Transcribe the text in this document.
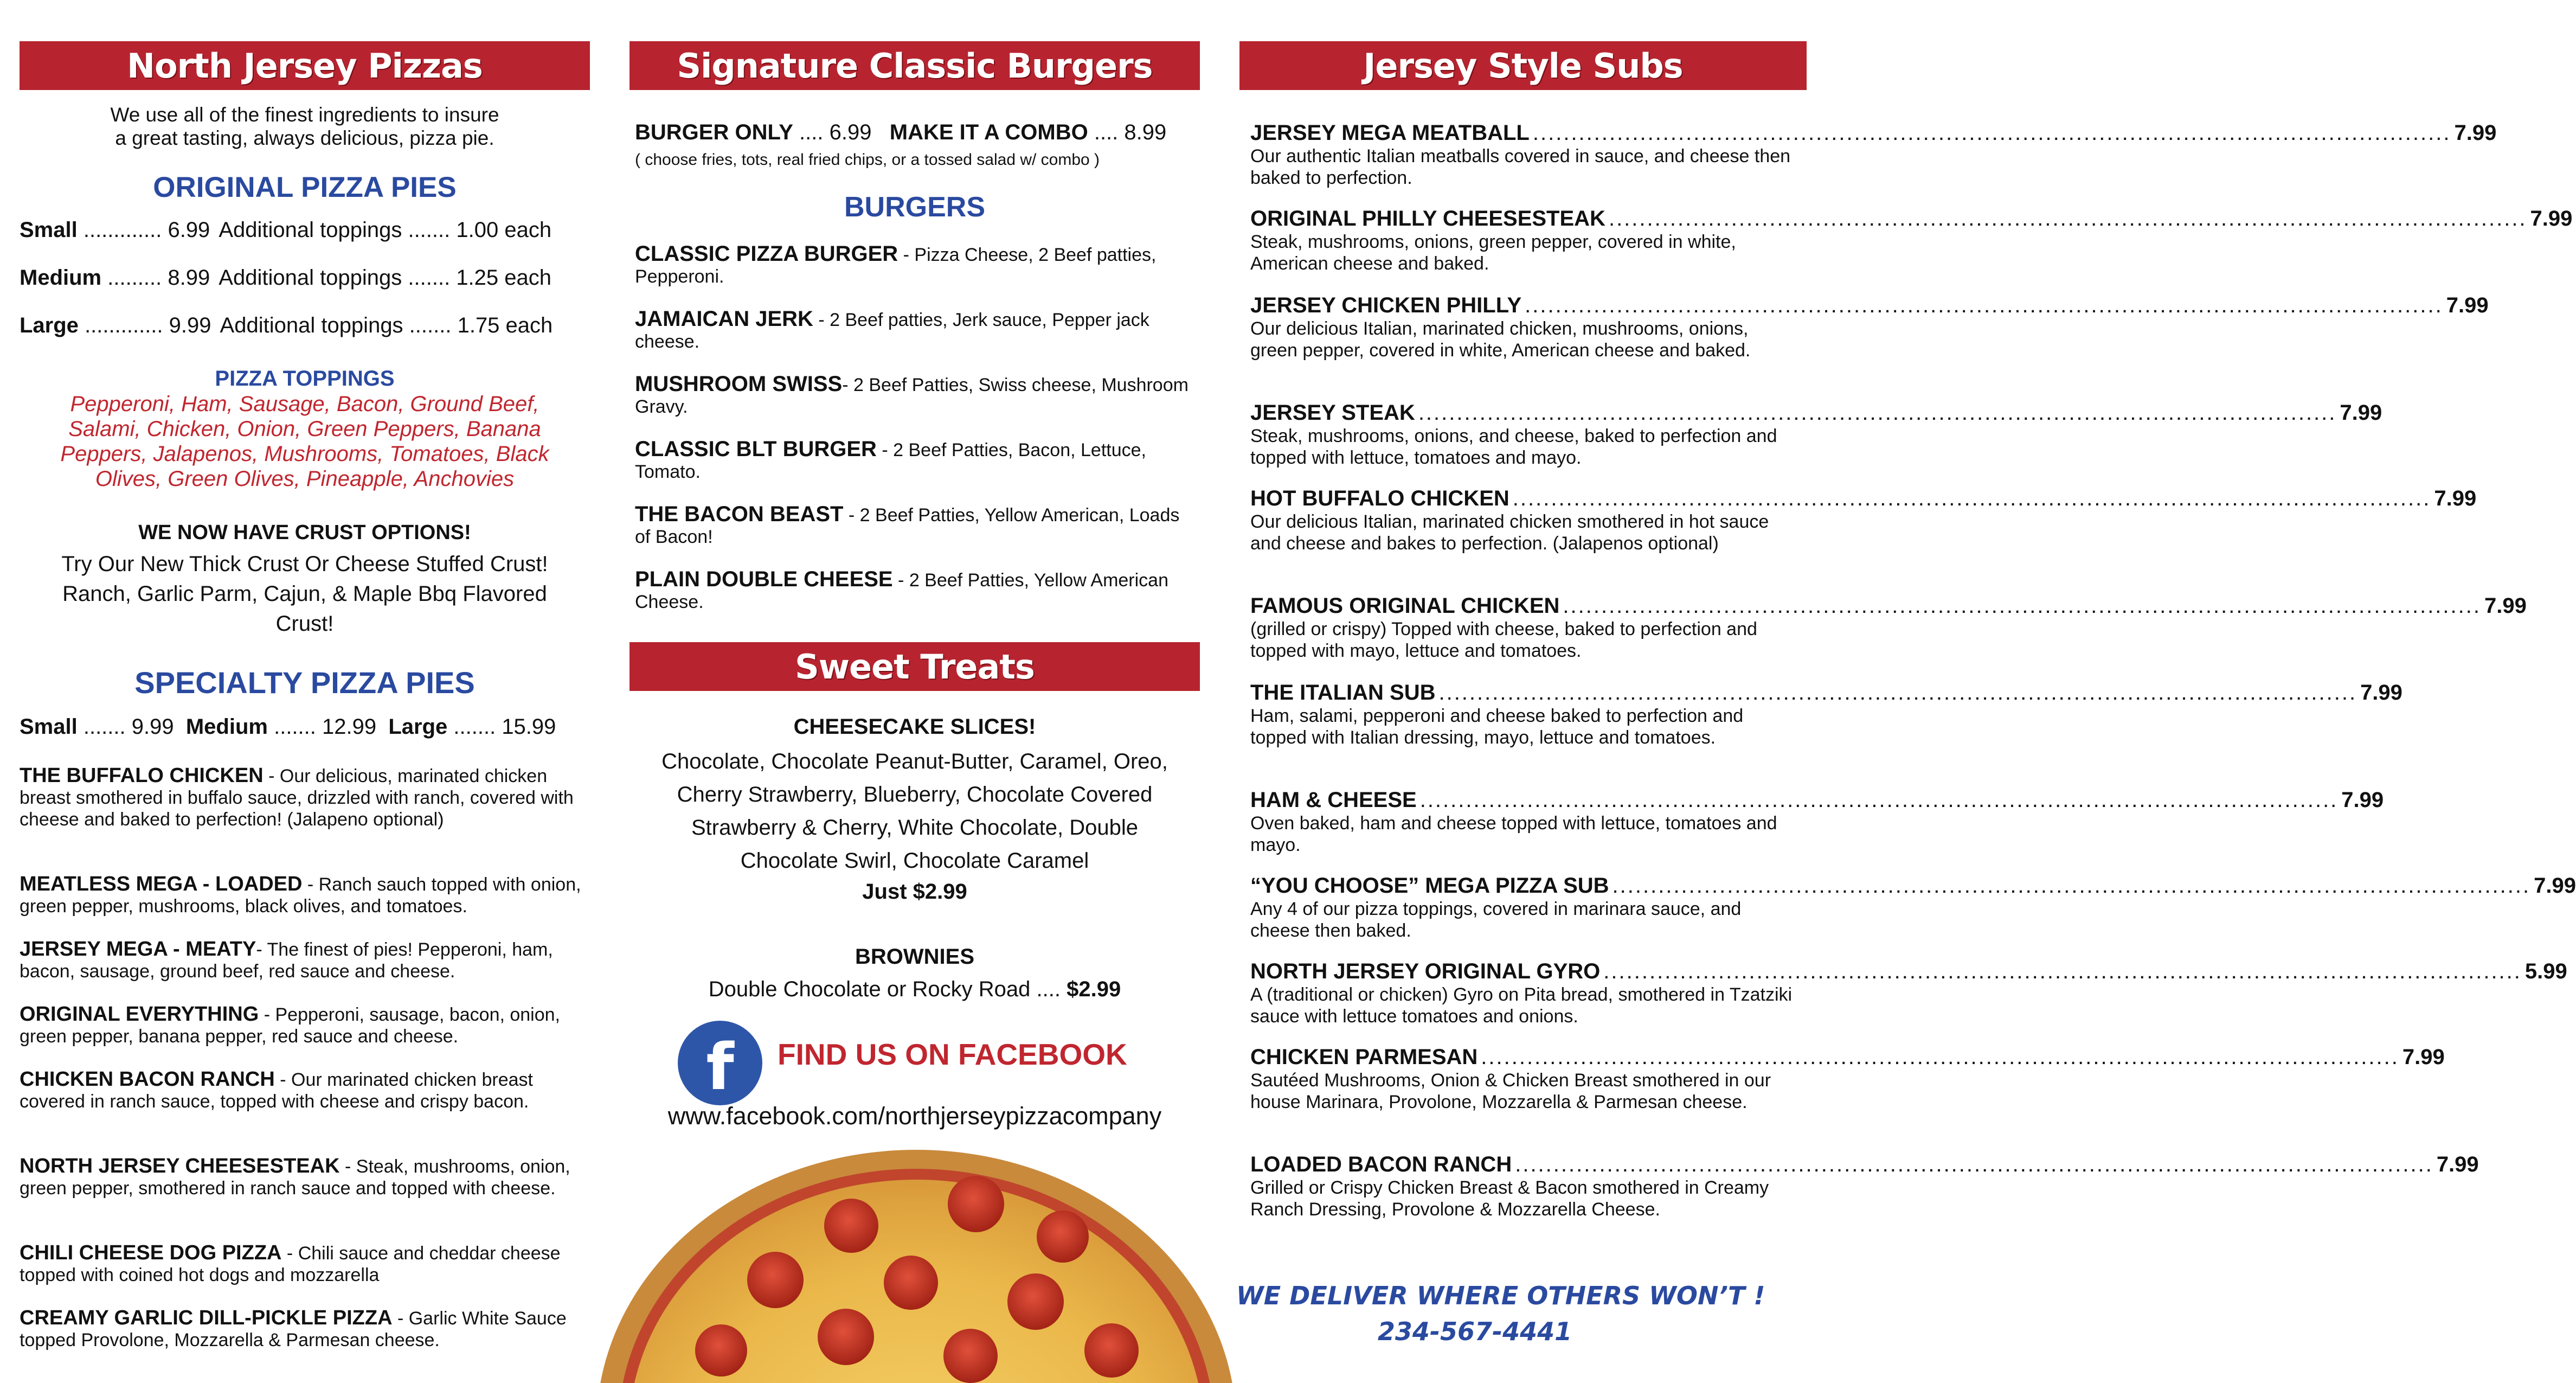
North Jersey Pizzas
We use all of the finest ingredients to insure
a great tasting, always delicious, pizza pie.
ORIGINAL PIZZA PIES
Small ............. 6.99 Additional toppings ....... 1.00 each
Medium ......... 8.99 Additional toppings ....... 1.25 each
Large ............. 9.99 Additional toppings ....... 1.75 each
PIZZA TOPPINGS
Pepperoni, Ham, Sausage, Bacon, Ground Beef,
Salami, Chicken, Onion, Green Peppers, Banana
Peppers, Jalapenos, Mushrooms, Tomatoes, Black
Olives, Green Olives, Pineapple, Anchovies
WE NOW HAVE CRUST OPTIONS!
Try Our New Thick Crust Or Cheese Stuffed Crust!
Ranch, Garlic Parm, Cajun, & Maple Bbq Flavored
Crust!
SPECIALTY PIZZA PIES
Small ....... 9.99 Medium ....... 12.99 Large ....... 15.99
THE BUFFALO CHICKEN - Our delicious, marinated chicken breast smothered in buffalo sauce, drizzled with ranch, covered with cheese and baked to perfection! (Jalapeno optional)
MEATLESS MEGA - LOADED - Ranch sauch topped with onion, green pepper, mushrooms, black olives, and tomatoes.
JERSEY MEGA - MEATY- The finest of pies! Pepperoni, ham, bacon, sausage, ground beef, red sauce and cheese.
ORIGINAL EVERYTHING - Pepperoni, sausage, bacon, onion, green pepper, banana pepper, red sauce and cheese.
CHICKEN BACON RANCH - Our marinated chicken breast covered in ranch sauce, topped with cheese and crispy bacon.
NORTH JERSEY CHEESESTEAK - Steak, mushrooms, onion, green pepper, smothered in ranch sauce and topped with cheese.
CHILI CHEESE DOG PIZZA - Chili sauce and cheddar cheese topped with coined hot dogs and mozzarella
CREAMY GARLIC DILL-PICKLE PIZZA - Garlic White Sauce topped Provolone, Mozzarella & Parmesan cheese.
Signature Classic Burgers
BURGER ONLY .... 6.99 MAKE IT A COMBO .... 8.99
( choose fries, tots, real fried chips, or a tossed salad w/ combo )
BURGERS
CLASSIC PIZZA BURGER - Pizza Cheese, 2 Beef patties, Pepperoni.
JAMAICAN JERK - 2 Beef patties, Jerk sauce, Pepper jack cheese.
MUSHROOM SWISS- 2 Beef Patties, Swiss cheese, Mushroom Gravy.
CLASSIC BLT BURGER - 2 Beef Patties, Bacon, Lettuce, Tomato.
THE BACON BEAST - 2 Beef Patties, Yellow American, Loads of Bacon!
PLAIN DOUBLE CHEESE - 2 Beef Patties, Yellow American Cheese.
Sweet Treats
CHEESECAKE SLICES!
Chocolate, Chocolate Peanut-Butter, Caramel, Oreo,
Cherry Strawberry, Blueberry, Chocolate Covered
Strawberry & Cherry, White Chocolate, Double
Chocolate Swirl, Chocolate Caramel
Just $2.99
BROWNIES
Double Chocolate or Rocky Road .... $2.99
f FIND US ON FACEBOOK
www.facebook.com/northjerseypizzacompany
Jersey Style Subs
JERSEY MEGA MEATBALL ........................................................................................................................ 7.99
Our authentic Italian meatballs covered in sauce, and cheese then baked to perfection.
ORIGINAL PHILLY CHEESESTEAK ........................................................................................................................ 7.99
Steak, mushrooms, onions, green pepper, covered in white, American cheese and baked.
JERSEY CHICKEN PHILLY ........................................................................................................................ 7.99
Our delicious Italian, marinated chicken, mushrooms, onions, green pepper, covered in white, American cheese and baked.
JERSEY STEAK ........................................................................................................................ 7.99
Steak, mushrooms, onions, and cheese, baked to perfection and topped with lettuce, tomatoes and mayo.
HOT BUFFALO CHICKEN ........................................................................................................................ 7.99
Our delicious Italian, marinated chicken smothered in hot sauce and cheese and bakes to perfection. (Jalapenos optional)
FAMOUS ORIGINAL CHICKEN ........................................................................................................................ 7.99
(grilled or crispy) Topped with cheese, baked to perfection and topped with mayo, lettuce and tomatoes.
THE ITALIAN SUB ........................................................................................................................ 7.99
Ham, salami, pepperoni and cheese baked to perfection and topped with Italian dressing, mayo, lettuce and tomatoes.
HAM & CHEESE ........................................................................................................................ 7.99
Oven baked, ham and cheese topped with lettuce, tomatoes and mayo.
“YOU CHOOSE” MEGA PIZZA SUB ........................................................................................................................ 7.99
Any 4 of our pizza toppings, covered in marinara sauce, and cheese then baked.
NORTH JERSEY ORIGINAL GYRO ........................................................................................................................ 5.99
A (traditional or chicken) Gyro on Pita bread, smothered in Tzatziki sauce with lettuce tomatoes and onions.
CHICKEN PARMESAN ........................................................................................................................ 7.99
Sautéed Mushrooms, Onion & Chicken Breast smothered in our house Marinara, Provolone, Mozzarella & Parmesan cheese.
LOADED BACON RANCH ........................................................................................................................ 7.99
Grilled or Crispy Chicken Breast & Bacon smothered in Creamy Ranch Dressing, Provolone & Mozzarella Cheese.
WE DELIVER WHERE OTHERS WON’T !
234-567-4441
